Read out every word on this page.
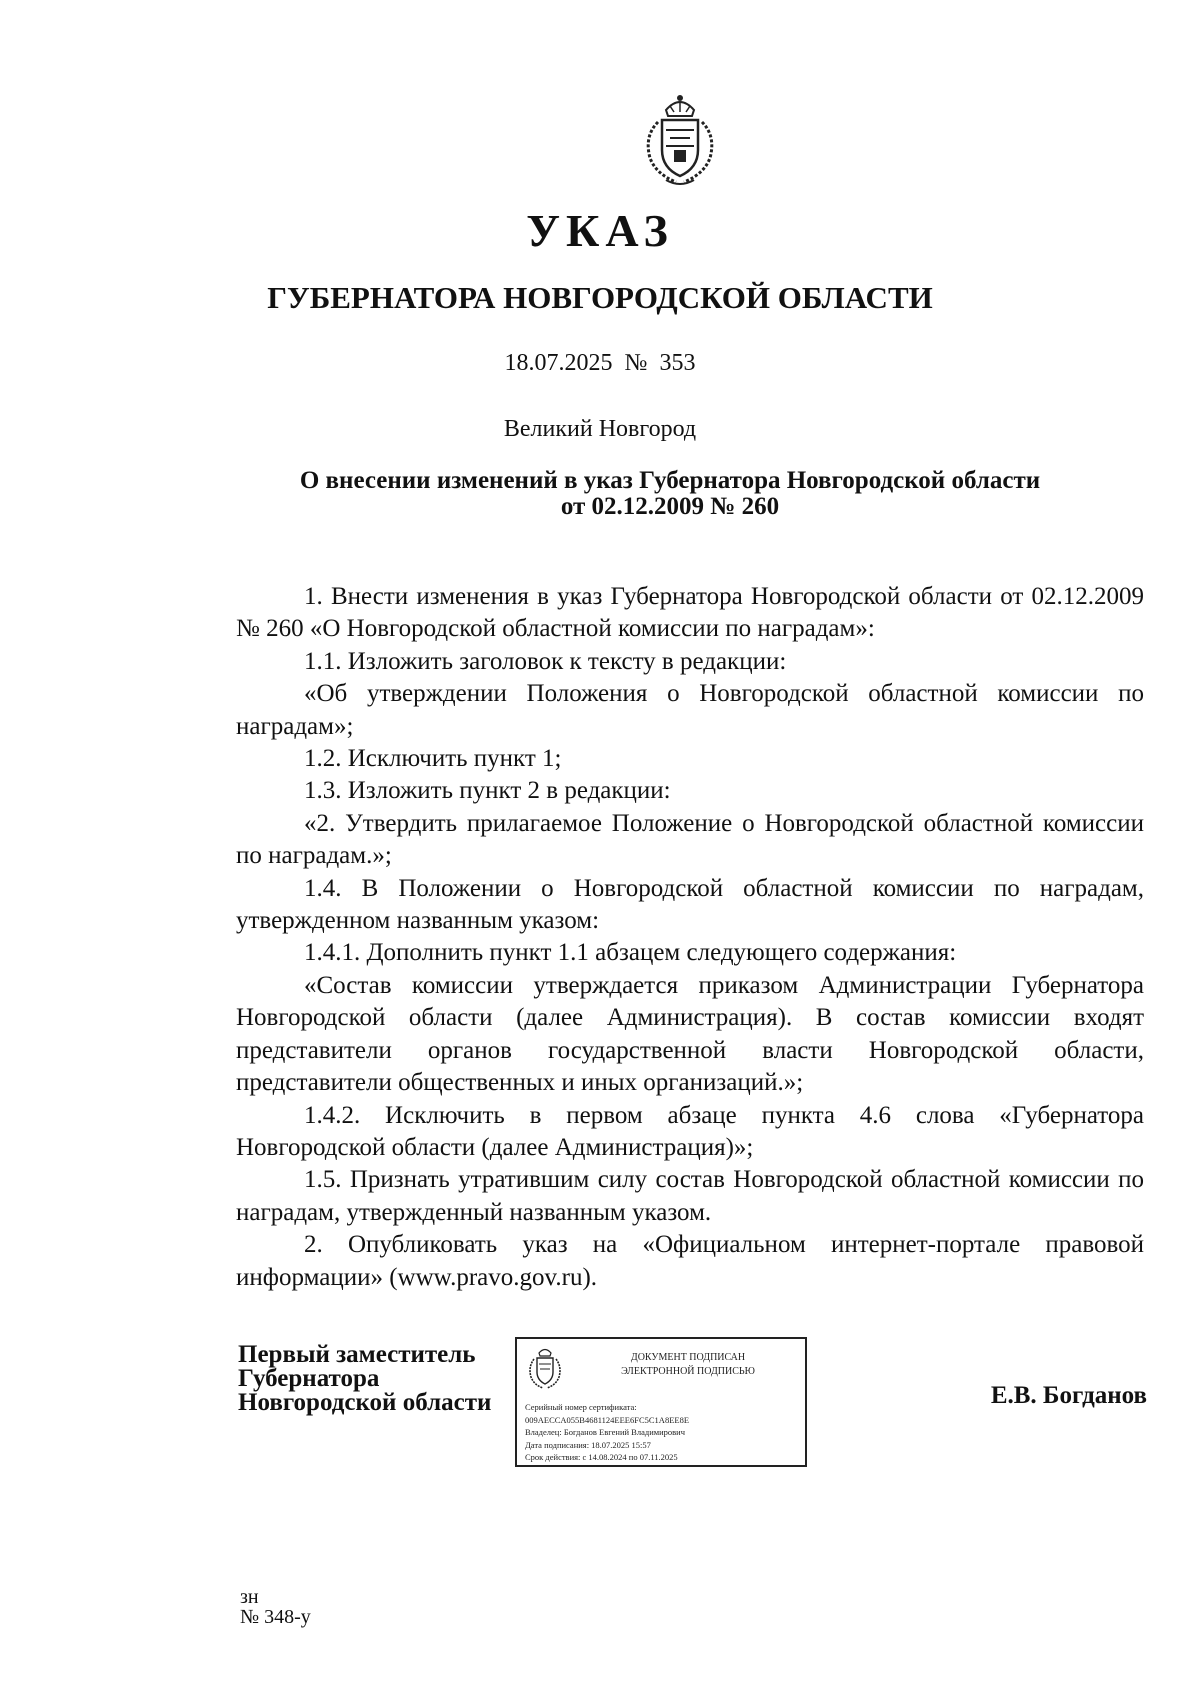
УКАЗ
ГУБЕРНАТОРА НОВГОРОДСКОЙ ОБЛАСТИ
18.07.2025 № 353
Великий Новгород
О внесении изменений в указ Губернатора Новгородской области
от 02.12.2009 № 260

1. Внести изменения в указ Губернатора Новгородской области от 02.12.2009 № 260 «О Новгородской областной комиссии по наградам»:

1.1. Изложить заголовок к тексту в редакции:

«Об утверждении Положения о Новгородской областной комиссии по наградам»;

1.2. Исключить пункт 1;

1.3. Изложить пункт 2 в редакции:

«2. Утвердить прилагаемое Положение о Новгородской областной комиссии по наградам.»;

1.4. В Положении о Новгородской областной комиссии по наградам, утвержденном названным указом:

1.4.1. Дополнить пункт 1.1 абзацем следующего содержания:

«Состав комиссии утверждается приказом Администрации Губернатора Новгородской области (далее Администрация). В состав комиссии входят представители органов государственной власти Новгородской области, представители общественных и иных организаций.»;

1.4.2. Исключить в первом абзаце пункта 4.6 слова «Губернатора Новгородской области (далее Администрация)»;

1.5. Признать утратившим силу состав Новгородской областной комиссии по наградам, утвержденный названным указом.

2. Опубликовать указ на «Официальном интернет-портале правовой информации» (www.pravo.gov.ru).

Первый заместитель
Губернатора
Новгородской области
ДОКУМЕНТ ПОДПИСАН
ЭЛЕКТРОННОЙ ПОДПИСЬЮ
Серийный номер сертификата:
009AECCA055B4681124EEE6FC5C1A8EE8E
Владелец: Богданов Евгений Владимирович
Дата подписания: 18.07.2025 15:57
Срок действия: с 14.08.2024 по 07.11.2025
Е.В. Богданов
зн
№ 348-у
